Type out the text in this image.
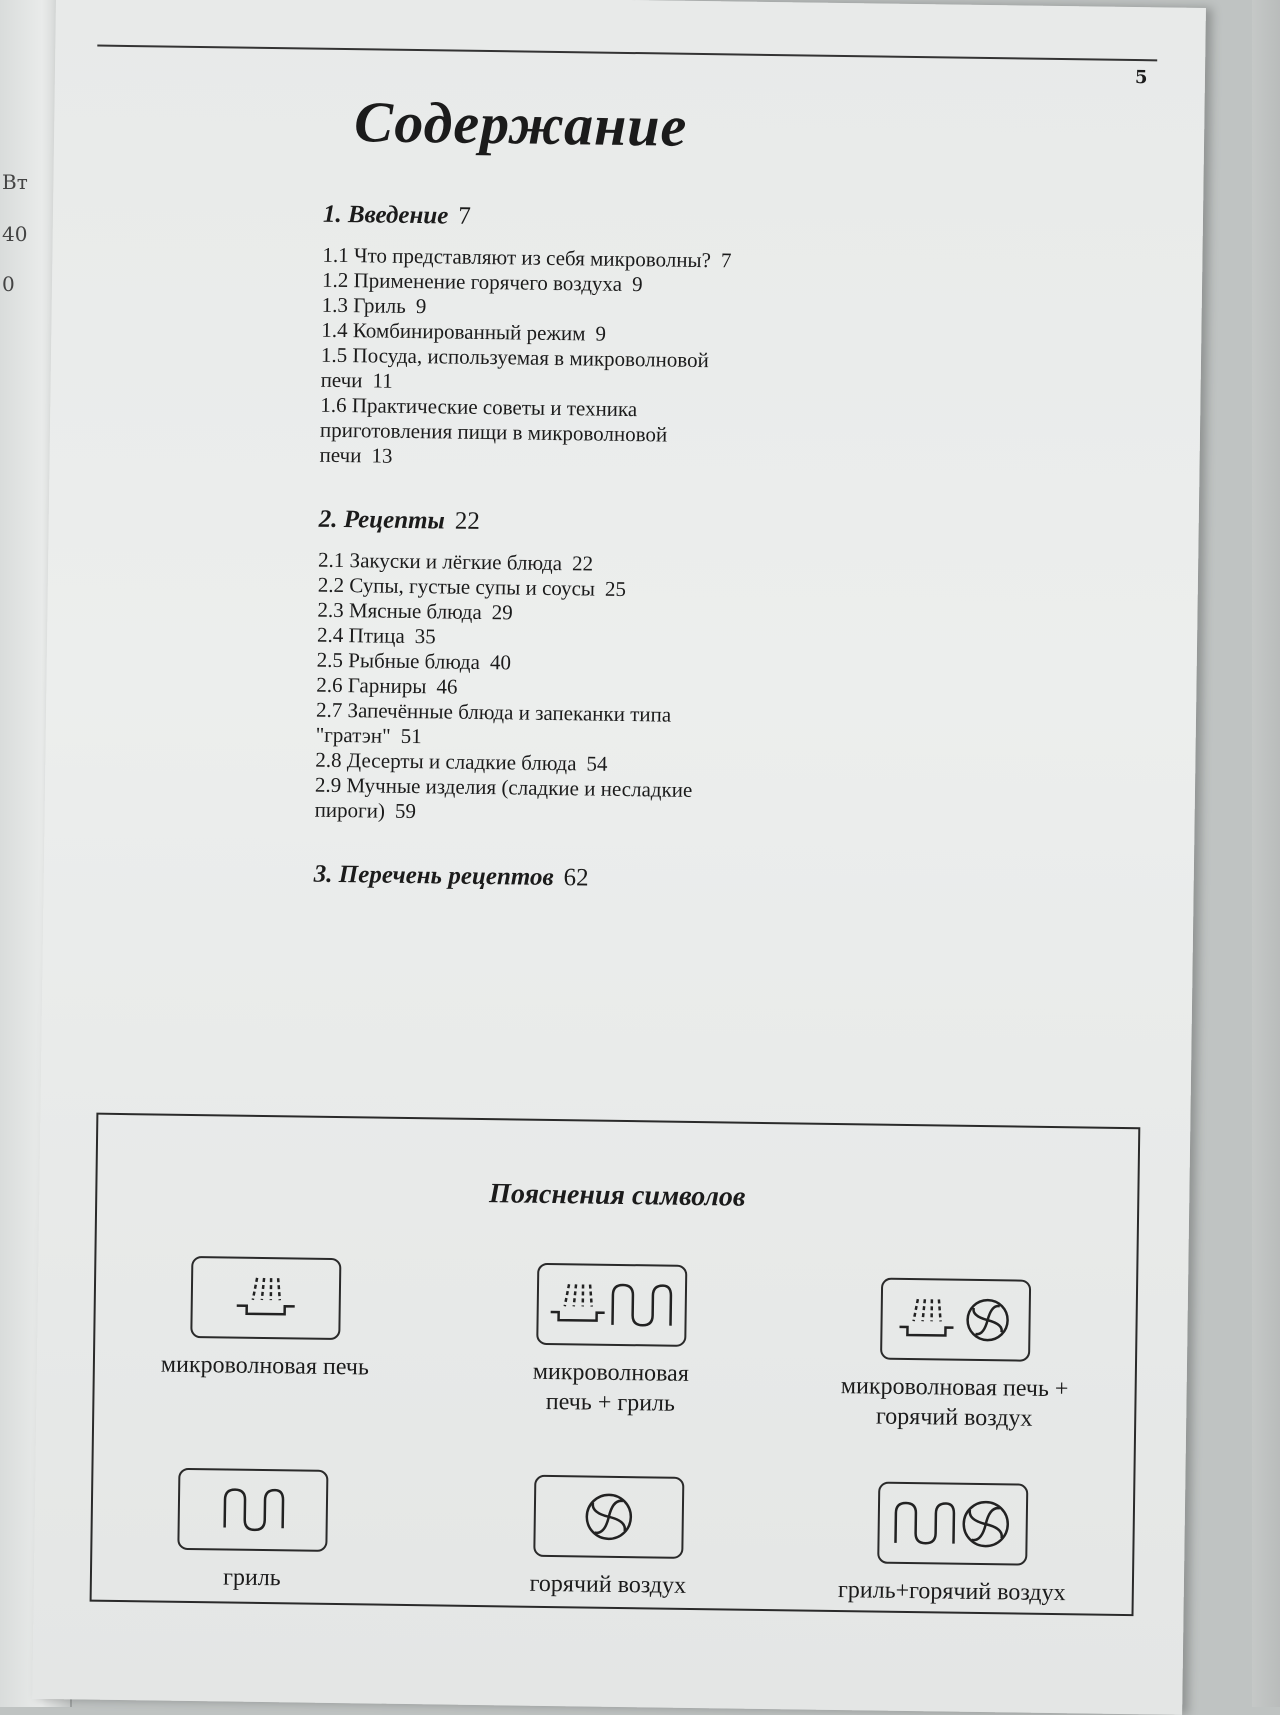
Вт
40
0
5
Содержание

1. Введение 7

1.1 Что представляют из себя микроволны? 7

1.2 Применение горячего воздуха 9

1.3 Гриль 9

1.4 Комбинированный режим 9

1.5 Посуда, используемая в микроволновой
печи 11

1.6 Практические советы и техника
приготовления пищи в микроволновой
печи 13

2. Рецепты 22

2.1 Закуски и лёгкие блюда 22

2.2 Супы, густые супы и соусы 25

2.3 Мясные блюда 29

2.4 Птица 35

2.5 Рыбные блюда 40

2.6 Гарниры 46

2.7 Запечённые блюда и запеканки типа
"гратэн" 51

2.8 Десерты и сладкие блюда 54

2.9 Мучные изделия (сладкие и несладкие
пироги) 59

3. Перечень рецептов 62

Пояснения символов
микроволновая печь	микроволновая
печь + гриль
микроволновая печь +
горячий воздух
гриль	горячий воздух	гриль+горячий воздух
